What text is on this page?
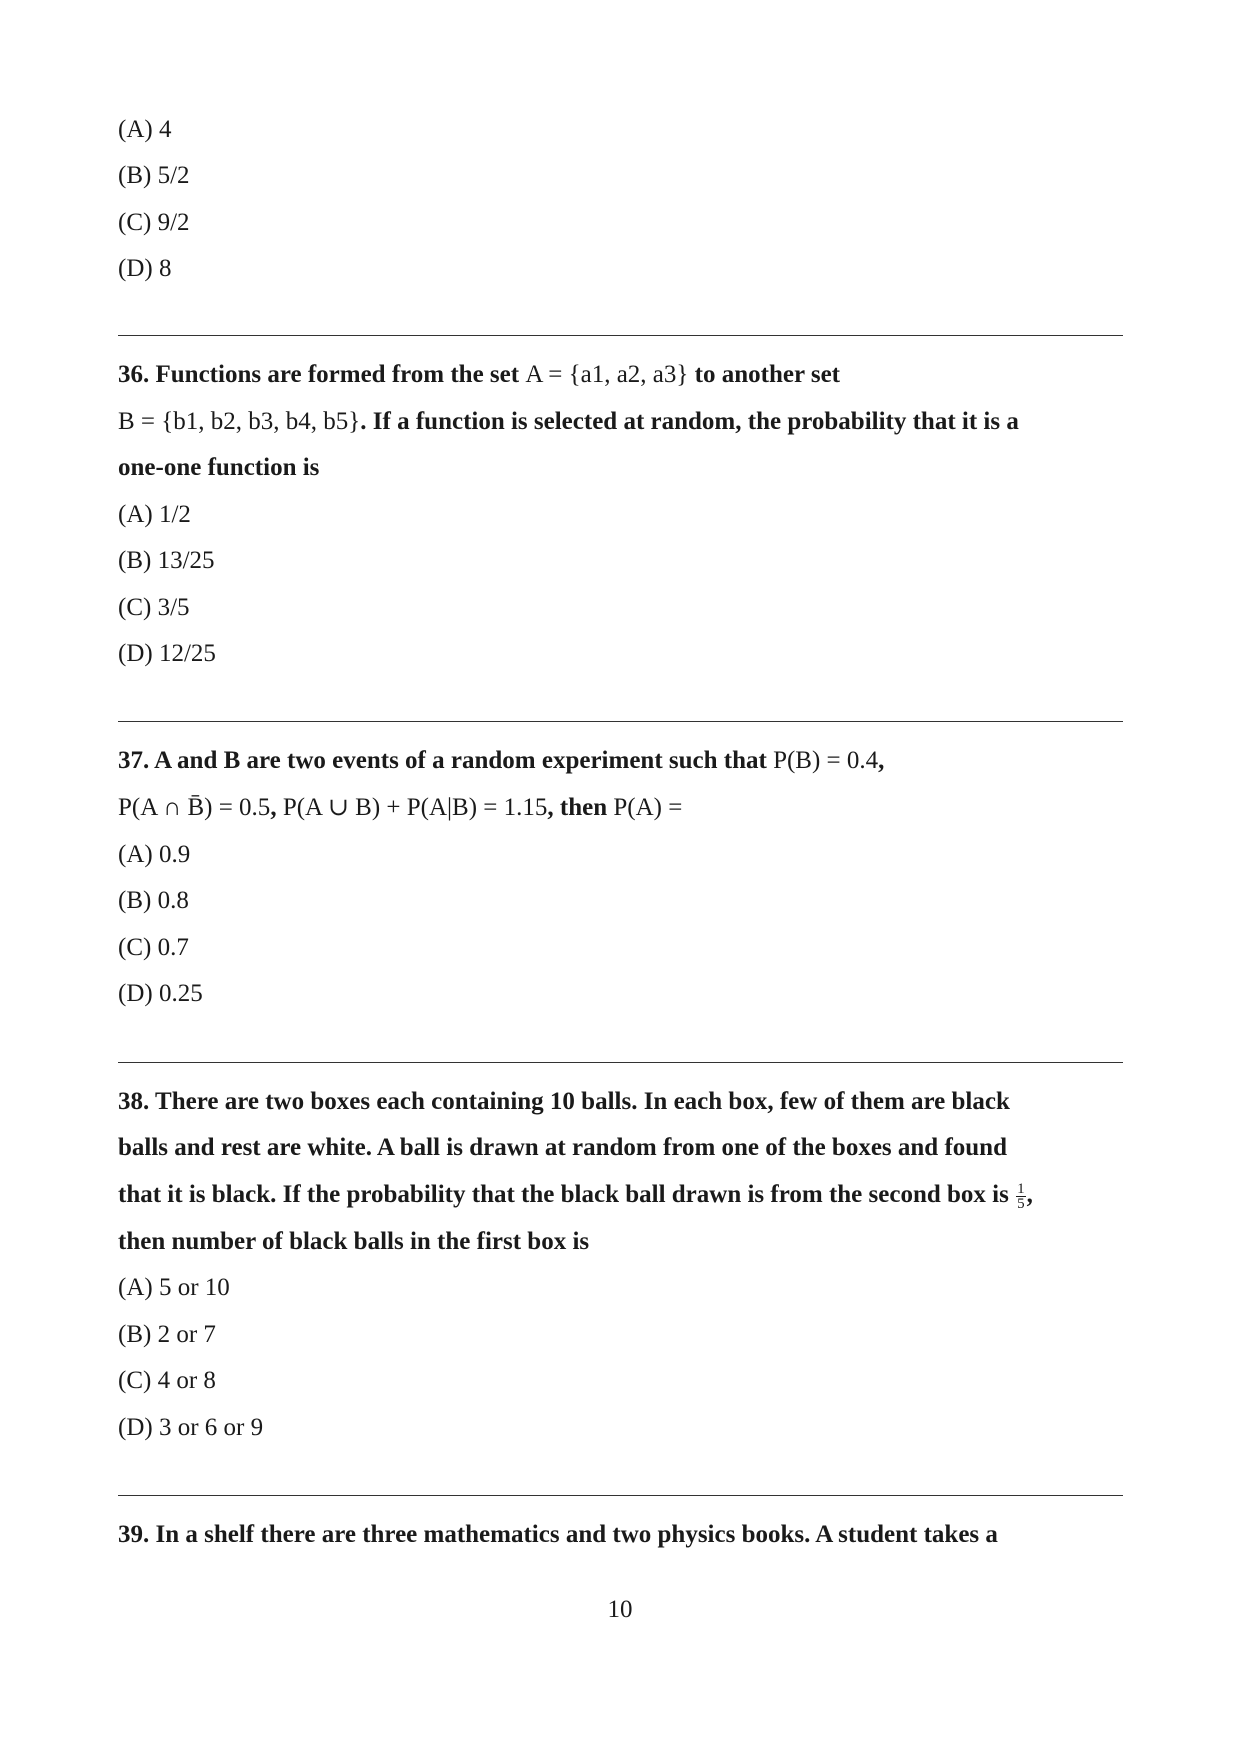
(A) 4
(B) 5/2
(C) 9/2
(D) 8
36. Functions are formed from the set A = {a1, a2, a3} to another set
B = {b1, b2, b3, b4, b5}. If a function is selected at random, the probability that it is a
one-one function is
(A) 1/2
(B) 13/25
(C) 3/5
(D) 12/25
37. A and B are two events of a random experiment such that P(B) = 0.4,
P(A ∩ B̄) = 0.5, P(A ∪ B) + P(A|B) = 1.15, then P(A) =
(A) 0.9
(B) 0.8
(C) 0.7
(D) 0.25
38. There are two boxes each containing 10 balls. In each box, few of them are black
balls and rest are white. A ball is drawn at random from one of the boxes and found
that it is black. If the probability that the black ball drawn is from the second box is $\frac{1}{5}$ ,
then number of black balls in the first box is
(A) 5 or 10
(B) 2 or 7
(C) 4 or 8
(D) 3 or 6 or 9
39. In a shelf there are three mathematics and two physics books. A student takes a
10
